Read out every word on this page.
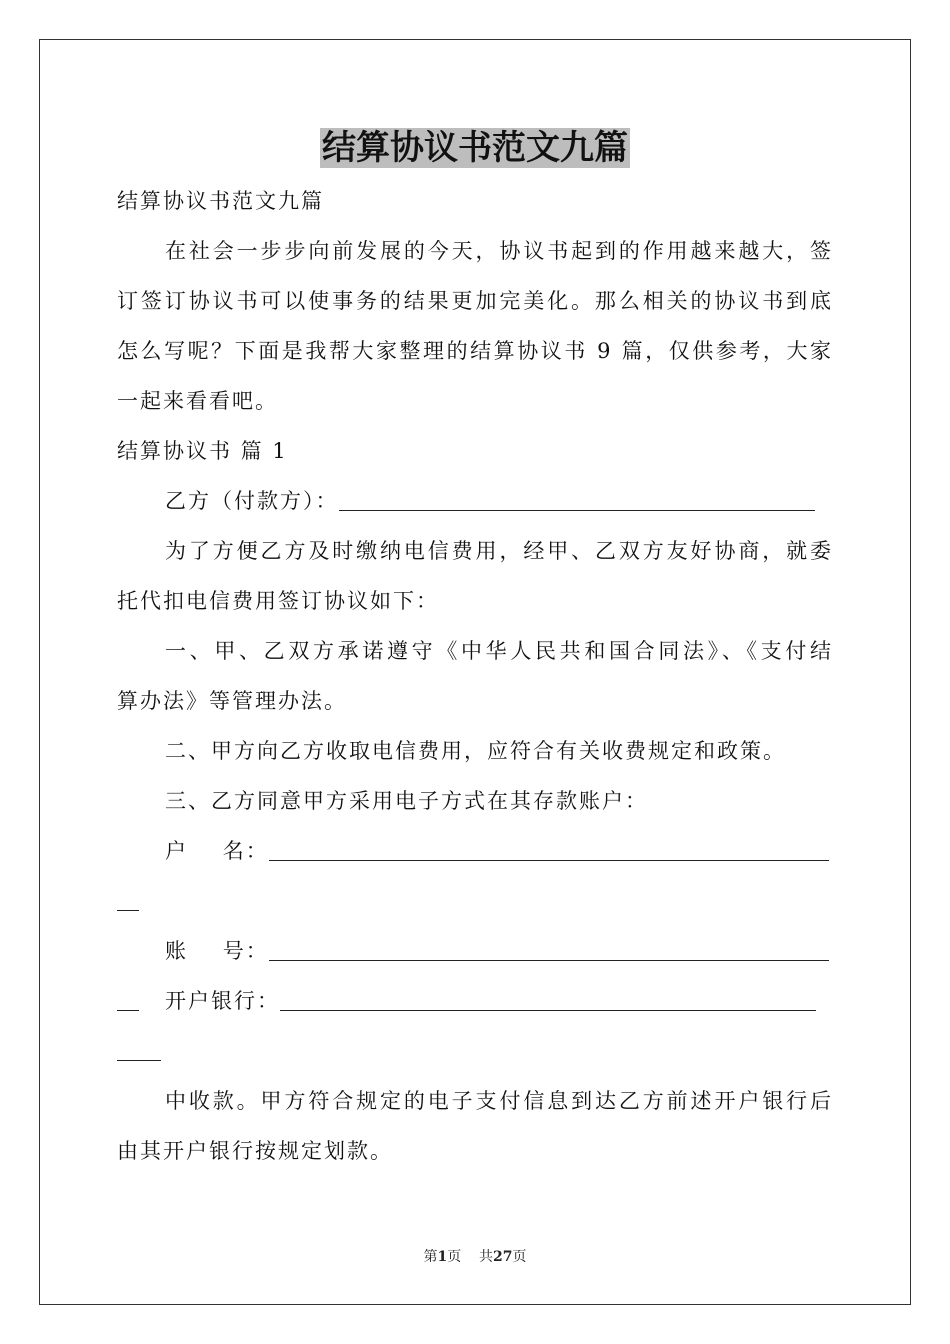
结算协议书范文九篇
结算协议书范文九篇
在社会一步步向前发展的今天，协议书起到的作用越来越大，签
订签订协议书可以使事务的结果更加完美化。那么相关的协议书到底
怎么写呢？下面是我帮大家整理的结算协议书 9 篇，仅供参考，大家
一起来看看吧。
结算协议书 篇 1
乙方（付款方）：
为了方便乙方及时缴纳电信费用，经甲、乙双方友好协商，就委
托代扣电信费用签订协议如下：
一、甲、乙双方承诺遵守《中华人民共和国合同法》、《支付结
算办法》等管理办法。
二、甲方向乙方收取电信费用，应符合有关收费规定和政策。
三、乙方同意甲方采用电子方式在其存款账户：
户    名：
账    号：
开户银行：
中收款。甲方符合规定的电子支付信息到达乙方前述开户银行后
由其开户银行按规定划款。
第1页 共27页
